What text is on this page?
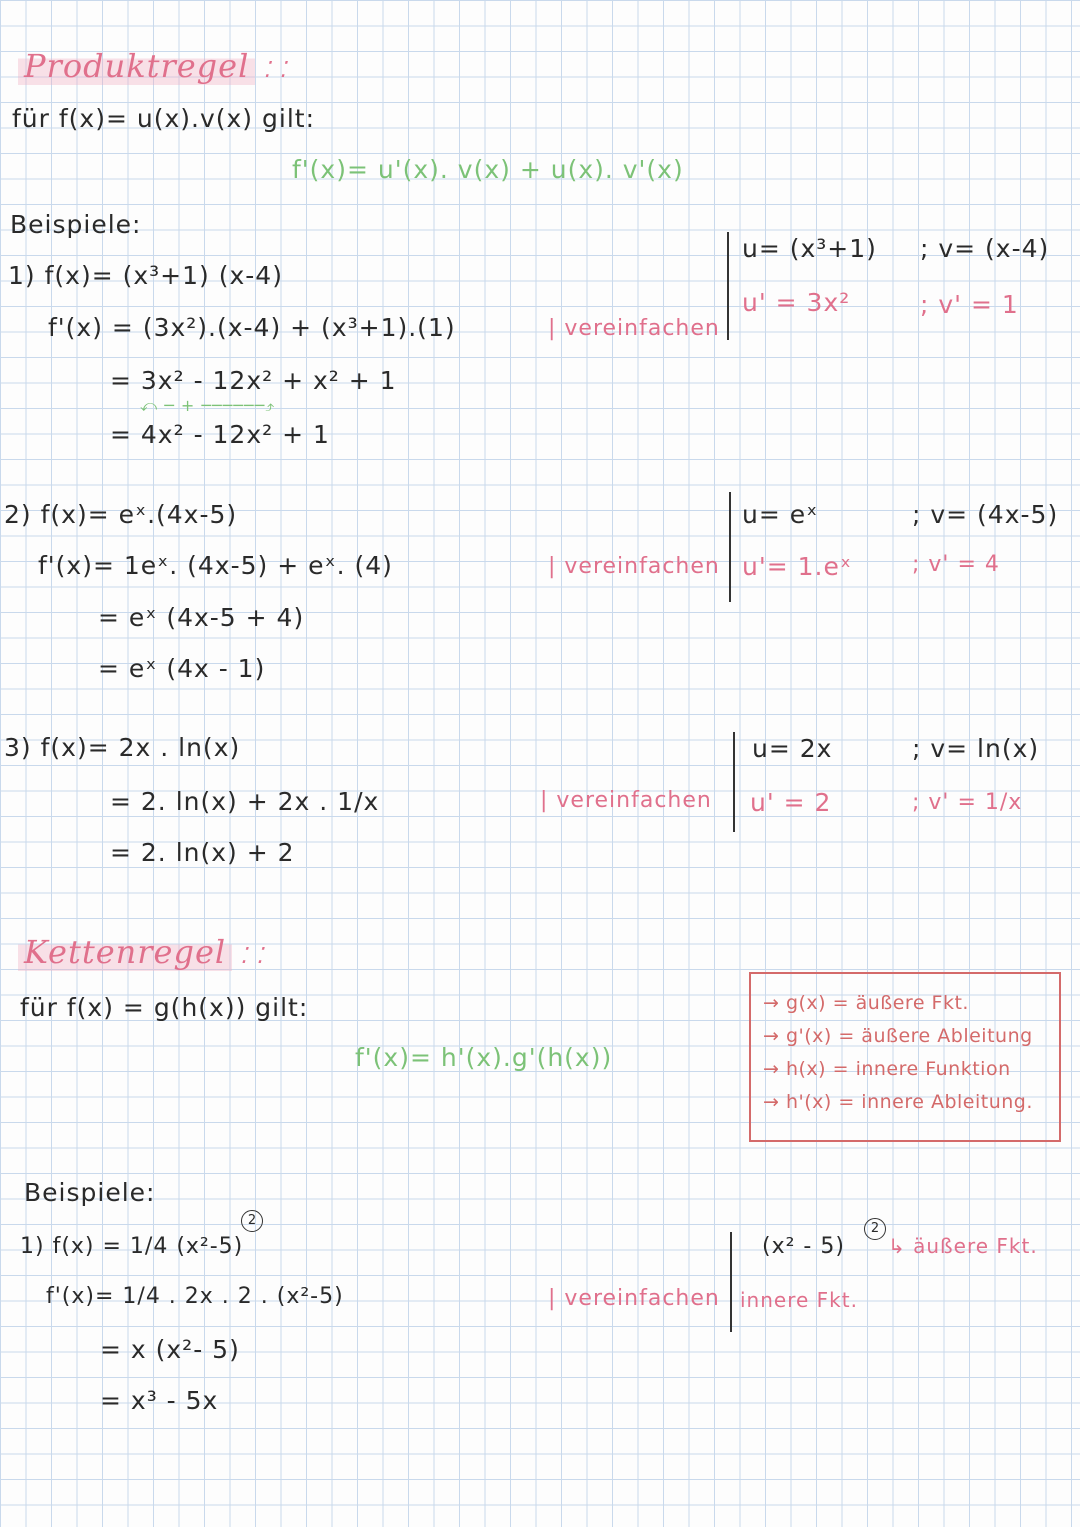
Produktregel ⁚ ⁚
für f(x)= u(x).v(x) gilt:
f'(x)= u'(x). v(x) + u(x). v'(x)
Beispiele:
1) f(x)= (x³+1) (x-4)
f'(x) = (3x²).(x-4) + (x³+1).(1)	| vereinfachen
= 3x² - 12x² + x² + 1
⤺ ─ + ──────⤴
= 4x² - 12x² + 1
u= (x³+1) ; v= (x-4)
u' = 3x²	; v' = 1
2) f(x)= eˣ.(4x-5)
f'(x)= 1eˣ. (4x-5) + eˣ. (4)	| vereinfachen
= eˣ (4x-5 + 4)
= eˣ (4x - 1)
u= eˣ	; v= (4x-5)
u'= 1.eˣ	; v' = 4
3) f(x)= 2x . ln(x)
= 2. ln(x) + 2x . 1/x
= 2. ln(x) + 2
| vereinfachen
u= 2x	; v= ln(x)
u' = 2	; v' = 1/x
Kettenregel ⁚ ⁚
für f(x) = g(h(x)) gilt:
f'(x)= h'(x).g'(h(x))
→ g(x) = äußere Fkt.
→ g'(x) = äußere Ableitung
→ h(x) = innere Funktion
→ h'(x) = innere Ableitung.
Beispiele:
1) f(x) = 1/4 (x²-5)
2
f'(x)= 1/4 . 2x . 2 . (x²-5)
= x (x²- 5)
= x³ - 5x
| vereinfachen
(x² - 5)
2
↳ äußere Fkt.
innere Fkt.
